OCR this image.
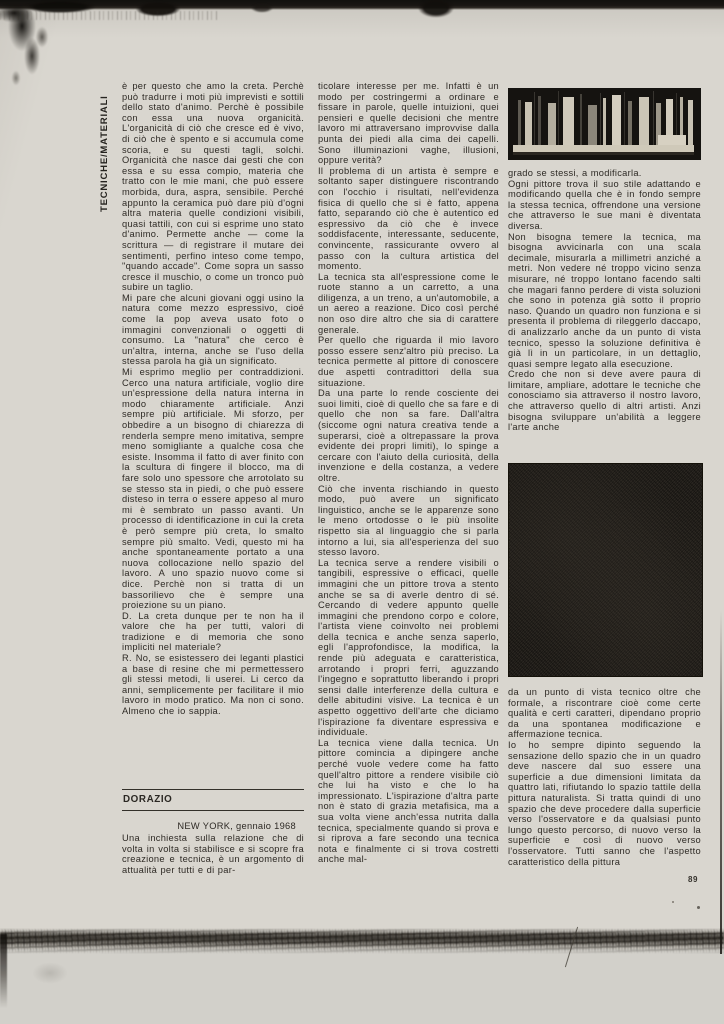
TECNICHE/MATERIALI

è per questo che amo la creta. Perchè può tradurre i moti più imprevisti e sottili dello stato d'animo. Perchè è possibile con essa una nuova organicità. L'organicità di ciò che cresce ed è vivo, di ciò che è spento e si accumula come scoria, e su questi tagli, solchi. Organicità che nasce dai gesti che con essa e su essa compio, materia che tratto con le mie mani, che può essere morbida, dura, aspra, sensibile. Perché appunto la ceramica può dare più d'ogni altra materia quelle condizioni visibili, quasi tattili, con cui si esprime uno stato d'animo. Permette anche — come la scrittura — di registrare il mutare dei sentimenti, perfino inteso come tempo, "quando accade". Come sopra un sasso cresce il muschio, o come un tronco può subire un taglio.

Mi pare che alcuni giovani oggi usino la natura come mezzo espressivo, cioé come la pop aveva usato foto o immagini convenzionali o oggetti di consumo. La "natura" che cerco è un'altra, interna, anche se l'uso della stessa parola ha già un significato.

Mi esprimo meglio per contraddizioni. Cerco una natura artificiale, voglio dire un'espressione della natura interna in modo chiaramente artificiale. Anzi sempre più artificiale. Mi sforzo, per obbedire a un bisogno di chiarezza di renderla sempre meno imitativa, sempre meno somigliante a qualche cosa che esiste. Insomma il fatto di aver finito con la scultura di fingere il blocco, ma di fare solo uno spessore che arrotolato su se stesso sta in piedi, o che può essere disteso in terra o essere appeso al muro mi è sembrato un passo avanti. Un processo di identificazione in cui la creta è però sempre più creta, lo smalto sempre più smalto. Vedi, questo mi ha anche spontaneamente portato a una nuova collocazione nello spazio del lavoro. A uno spazio nuovo come si dice. Perchè non si tratta di un bassorilievo che è sempre una proiezione su un piano.

D. La creta dunque per te non ha il valore che ha per tutti, valori di tradizione e di memoria che sono impliciti nel materiale?

R. No, se esistessero dei leganti plastici a base di resine che mi permettessero gli stessi metodi, li userei. Li cerco da anni, semplicemente per facilitare il mio lavoro in modo pratico. Ma non ci sono. Almeno che io sappia.

DORAZIO
NEW YORK, gennaio 1968

Una inchiesta sulla relazione che di volta in volta si stabilisce e si scopre fra creazione e tecnica, è un argomento di attualità per tutti e di par-

ticolare interesse per me. Infatti è un modo per costringermi a ordinare e fissare in parole, quelle intuizioni, quei pensieri e quelle decisioni che mentre lavoro mi attraversano improvvise dalla punta dei piedi alla cima dei capelli. Sono illuminazioni vaghe, illusioni, oppure verità?

Il problema di un artista è sempre e soltanto saper distinguere riscontrando con l'occhio i risultati, nell'evidenza fisica di quello che si è fatto, appena fatto, separando ciò che è autentico ed espressivo da ciò che è invece soddisfacente, interessante, seducente, convincente, rassicurante ovvero al passo con la cultura artistica del momento.

La tecnica sta all'espressione come le ruote stanno a un carretto, a una diligenza, a un treno, a un'automobile, a un aereo a reazione. Dico così perché non oso dire altro che sia di carattere generale.

Per quello che riguarda il mio lavoro posso essere senz'altro più preciso. La tecnica permette al pittore di conoscere due aspetti contradittori della sua situazione.

Da una parte lo rende cosciente dei suoi limiti, cioè di quello che sa fare e di quello che non sa fare. Dall'altra (siccome ogni natura creativa tende a superarsi, cioè a oltrepassare la prova evidente dei propri limiti), lo spinge a cercare con l'aiuto della curiosità, della invenzione e della costanza, a vedere oltre.

Ciò che inventa rischiando in questo modo, può avere un significato linguistico, anche se le apparenze sono le meno ortodosse o le più insolite rispetto sia al linguaggio che si parla intorno a lui, sia all'esperienza del suo stesso lavoro.

La tecnica serve a rendere visibili o tangibili, espressive o efficaci, quelle immagini che un pittore trova a stento anche se sa di averle dentro di sé. Cercando di vedere appunto quelle immagini che prendono corpo e colore, l'artista viene coinvolto nei problemi della tecnica e anche senza saperlo, egli l'approfondisce, la modifica, la rende più adeguata e caratteristica, arrotando i propri ferri, aguzzando l'ingegno e soprattutto liberando i propri sensi dalle interferenze della cultura e delle abitudini visive. La tecnica è un aspetto oggettivo dell'arte che diciamo l'ispirazione fa diventare espressiva e individuale.

La tecnica viene dalla tecnica. Un pittore comincia a dipingere anche perché vuole vedere come ha fatto quell'altro pittore a rendere visibile ciò che lui ha visto e che lo ha impressionato. L'ispirazione d'altra parte non è stato di grazia metafisica, ma a sua volta viene anch'essa nutrita dalla tecnica, specialmente quando si prova e si riprova a fare secondo una tecnica nota e finalmente ci si trova costretti anche mal-

grado se stessi, a modificarla.

Ogni pittore trova il suo stile adattando e modificando quella che è in fondo sempre la stessa tecnica, offrendone una versione che attraverso le sue mani è diventata diversa.

Non bisogna temere la tecnica, ma bisogna avvicinarla con una scala decimale, misurarla a millimetri anziché a metri. Non vedere né troppo vicino senza misurare, né troppo lontano facendo salti che magari fanno perdere di vista soluzioni che sono in potenza già sotto il proprio naso. Quando un quadro non funziona e si presenta il problema di rileggerlo daccapo, di analizzarlo anche da un punto di vista tecnico, spesso la soluzione definitiva è già lì in un particolare, in un dettaglio, quasi sempre legato alla esecuzione.

Credo che non si deve avere paura di limitare, ampliare, adottare le tecniche che conosciamo sia attraverso il nostro lavoro, che attraverso quello di altri artisti. Anzi bisogna sviluppare un'abilità a leggere l'arte anche

da un punto di vista tecnico oltre che formale, a riscontrare cioè come certe qualità e certi caratteri, dipendano proprio da una spontanea modificazione e affermazione tecnica.

Io ho sempre dipinto seguendo la sensazione dello spazio che in un quadro deve nascere dal suo essere una superficie a due dimensioni limitata da quattro lati, rifiutando lo spazio tattile della pittura naturalista. Si tratta quindi di uno spazio che deve procedere dalla superficie verso l'osservatore e da qualsiasi punto lungo questo percorso, di nuovo verso la superficie e così di nuovo verso l'osservatore. Tutti sanno che l'aspetto caratteristico della pittura

89
